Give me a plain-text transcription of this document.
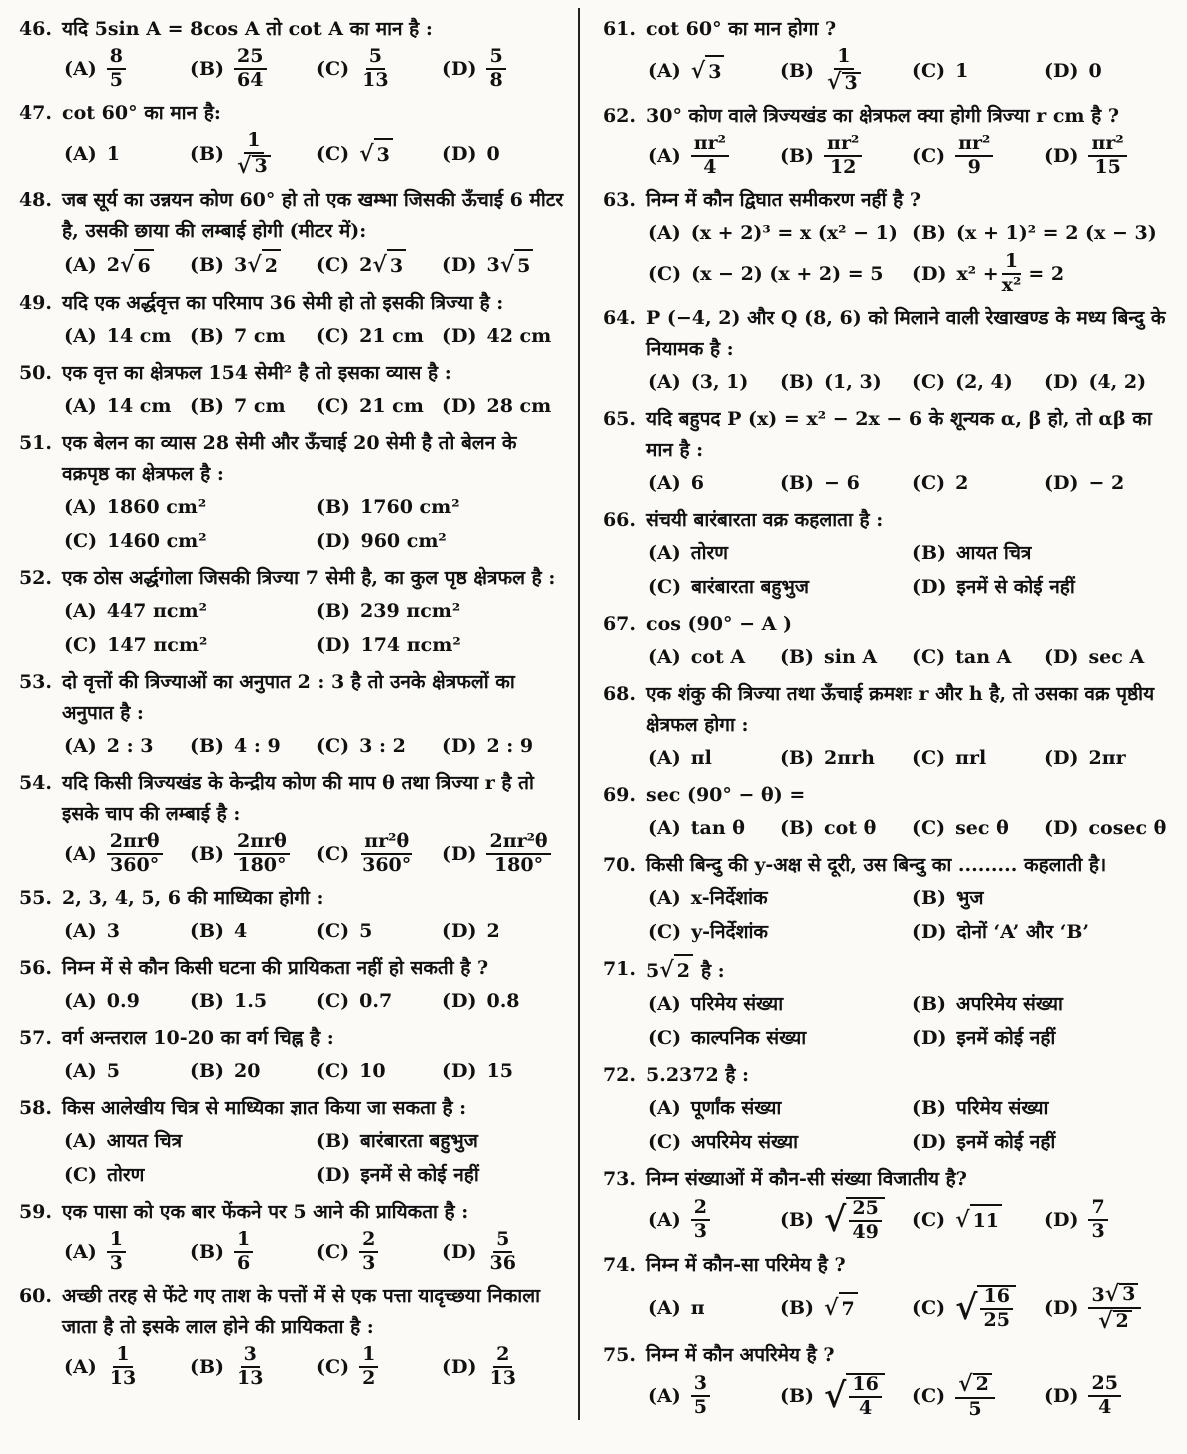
46. यदि 5sin A = 8cos A तो cot A का मान है :
$(A) \frac{8}{5}$	$(B) \frac{25}{64}$	$(C) \frac{5}{13}$	$(D) \frac{5}{8}$
47. cot 60° का मान है:
(A) 1	$(B) \frac{1}{√ 3} (C)$ √ 3	(D) 0
48. जब सूर्य का उन्नयन कोण 60° हो तो एक खम्भा जिसकी ऊँचाई 6 मीटर है, उसकी छाया की लम्बाई होगी (मीटर में):
(A) 2 √ 6 (B) 3 √ 2 (C) 2 √ 3 (D) 3 √ 5
49. यदि एक अर्द्धवृत्त का परिमाप 36 सेमी हो तो इसकी त्रिज्या है :
(A) 14 cm (B) 7 cm (C) 21 cm (D) 42 cm
50. एक वृत्त का क्षेत्रफल 154 सेमी² है तो इसका व्यास है :
(A) 14 cm (B) 7 cm (C) 21 cm (D) 28 cm
51. एक बेलन का व्यास 28 सेमी और ऊँचाई 20 सेमी है तो बेलन के वक्रपृष्ठ का क्षेत्रफल है :
(A) 1860 cm²	(B) 1760 cm²
(C) 1460 cm²	(D) 960 cm²
52. एक ठोस अर्द्धगोला जिसकी त्रिज्या 7 सेमी है, का कुल पृष्ठ क्षेत्रफल है :
(A) 447 πcm²	(B) 239 πcm²
(C) 147 πcm²	(D) 174 πcm²
53. दो वृत्तों की त्रिज्याओं का अनुपात 2 : 3 है तो उनके क्षेत्रफलों का अनुपात है :
(A) 2 : 3 (B) 4 : 9 (C) 3 : 2 (D) 2 : 9
54. यदि किसी त्रिज्यखंड के केन्द्रीय कोण की माप θ तथा त्रिज्या r है तो इसके चाप की लम्बाई है :
$(A) \frac{\text{2πrθ}}{360^\circ} (B) \frac{\text{2πrθ}}{180^\circ} (C) \frac{\text{πr²θ}}{360^\circ} (D) \frac{\text{2πr²θ}}{180^\circ}$
55. 2, 3, 4, 5, 6 की माध्यिका होगी :
(A) 3	(B) 4	(C) 5	(D) 2
56. निम्न में से कौन किसी घटना की प्रायिकता नहीं हो सकती है ?
(A) 0.9	(B) 1.5	(C) 0.7	(D) 0.8
57. वर्ग अन्तराल 10-20 का वर्ग चिह्न है :
(A) 5	(B) 20	(C) 10	(D) 15
58. किस आलेखीय चित्र से माध्यिका ज्ञात किया जा सकता है :
(A) आयत चित्र	(B) बारंबारता बहुभुज
(C) तोरण	(D) इनमें से कोई नहीं
59. एक पासा को एक बार फेंकने पर 5 आने की प्रायिकता है :
$(A) \frac{1}{3}$	$(B) \frac{1}{6}$	$(C) \frac{2}{3}$	$(D) \frac{5}{36}$
60. अच्छी तरह से फेंटे गए ताश के पत्तों में से एक पत्ता यादृच्छया निकाला जाता है तो इसके लाल होने की प्रायिकता है :
$(A) \frac{1}{13}$	$(B) \frac{3}{13}$	$(C) \frac{1}{2}$	$(D) \frac{2}{13}$
61. cot 60° का मान होगा ?
(A) √ 3	$(B) \frac{1}{√ 3}$	(C) 1	(D) 0
62. 30° कोण वाले त्रिज्यखंड का क्षेत्रफल क्या होगी त्रिज्या r cm है ?
$(A) \frac{\text{πr²}}{4}$	$(B) \frac{\text{πr²}}{12}$	$(C) \frac{\text{πr²}}{9}$	$(D) \frac{\text{πr²}}{15}$
63. निम्न में कौन द्विघात समीकरण नहीं है ?
(A) (x + 2)³ = x (x² − 1) (B) (x + 1)² = 2 (x − 3)
(C) (x − 2) (x + 2) = 5 (D) $x^2 + \frac{1}{\text{x²}} = 2$
64. P (−4, 2) और Q (8, 6) को मिलाने वाली रेखाखण्ड के मध्य बिन्दु के नियामक है :
(A) (3, 1) (B) (1, 3) (C) (2, 4) (D) (4, 2)
65. यदि बहुपद P (x) = x² − 2x − 6 के शून्यक α, β हो, तो αβ का मान है :
(A) 6	(B) − 6	(C) 2	(D) − 2
66. संचयी बारंबारता वक्र कहलाता है :
(A) तोरण	(B) आयत चित्र
(C) बारंबारता बहुभुज	(D) इनमें से कोई नहीं
67. cos (90° − A )
(A) cot A (B) sin A (C) tan A (D) sec A
68. एक शंकु की त्रिज्या तथा ऊँचाई क्रमशः r और h है, तो उसका वक्र पृष्ठीय क्षेत्रफल होगा :
(A) πl	(B) 2πrh (C) πrl	(D) 2πr
69. sec (90° − θ) =
(A) tan θ (B) cot θ (C) sec θ (D) cosec θ
70. किसी बिन्दु की y-अक्ष से दूरी, उस बिन्दु का ......... कहलाती है।
(A) x-निर्देशांक	(B) भुज
(C) y-निर्देशांक	(D) दोनों ‘A’ और ‘B’
71. 5 √ 2 है :
(A) परिमेय संख्या	(B) अपरिमेय संख्या
(C) काल्पनिक संख्या	(D) इनमें कोई नहीं
72. 5.2372 है :
(A) पूर्णांक संख्या	(B) परिमेय संख्या
(C) अपरिमेय संख्या	(D) इनमें कोई नहीं
73. निम्न संख्याओं में कौन-सी संख्या विजातीय है?
$(A) \frac{2}{3}$	(B) √ $\frac{25}{49} (C)$ √ 11 $(D) \frac{7}{3}$
74. निम्न में कौन-सा परिमेय है ?
(A) π	(B) √ 7	(C) √ $\frac{16}{25} (D) \frac{3 √ 3}{√ 2}$
75. निम्न में कौन अपरिमेय है ?
$(A) \frac{3}{5}$	(B) √ $\frac{16}{4} (C) \frac{√ 2}{5}$	$(D) \frac{25}{4}$
